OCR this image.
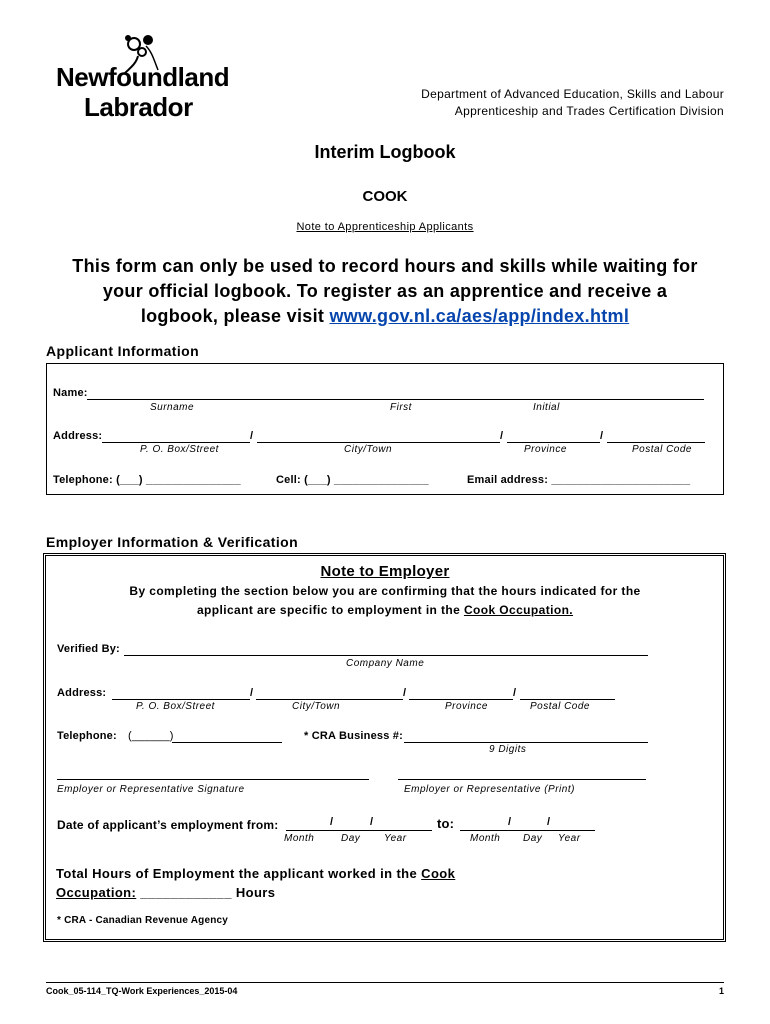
Newfoundland
Labrador	Department of Advanced Education, Skills and Labour
Apprenticeship and Trades Certification Division
Interim Logbook
COOK
Note to Apprenticeship Applicants
This form can only be used to record hours and skills while waiting for
your official logbook. To register as an apprentice and receive a
logbook, please visit www.gov.nl.ca/aes/app/index.html
Applicant Information
Name:
Surname	First	Initial
Address:	/	/	/
P. O. Box/Street	City/Town	Province	Postal Code
Telephone: (___) _______________	Cell: (___) _______________	Email address: ______________________
Employer Information & Verification
Note to Employer
By completing the section below you are confirming that the hours indicated for the
applicant are specific to employment in the Cook Occupation.
Verified By:
Company Name
Address:	/	/	/
P. O. Box/Street	City/Town	Province	Postal Code
Telephone: (______)	* CRA Business #:
9 Digits
Employer or Representative Signature	Employer or Representative (Print)
Date of applicant’s employment from:	/	/	to:	/	/
Month	Day Year	Month Day Year
Total Hours of Employment the applicant worked in the Cook
Occupation: ____________ Hours
* CRA - Canadian Revenue Agency
Cook_05-114_TQ-Work Experiences_2015-04	1
